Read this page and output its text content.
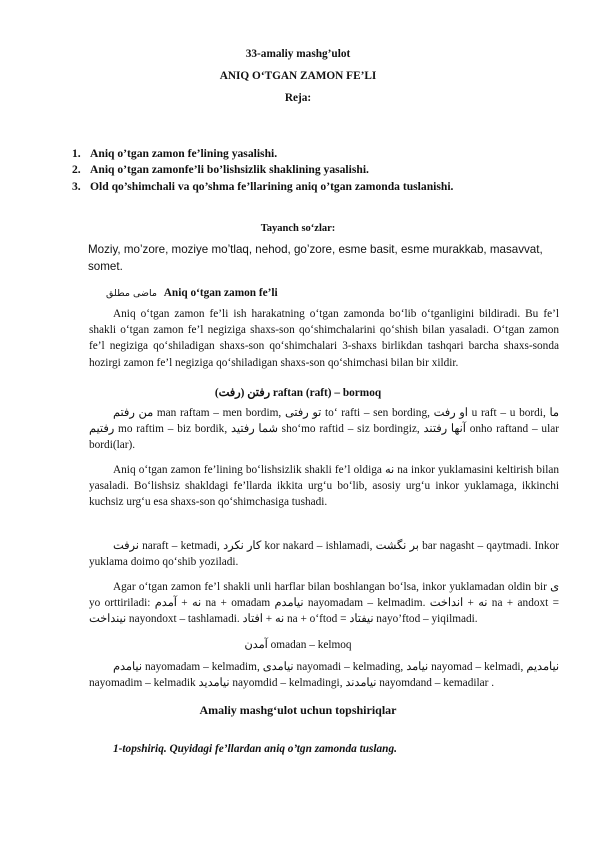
33-amaliy mashg’ulot
ANIQ O‘TGAN ZAMON FE’LI
Reja:
1. Aniq o’tgan zamon fe’lining yasalishi.
2. Aniq o’tgan zamonfe’li bo’lishsizlik shaklining yasalishi.
3. Old qo’shimchali va qo’shma fe’llarining aniq o’tgan zamonda tuslanishi.
Tayanch so‘zlar:
Moziy, mo’zore, moziye mo’tlaq, nehod, go’zore, esme basit, esme murakkab, masavvat, somet.
ماضی مطلق Aniq o‘tgan zamon fe’li
Aniq o‘tgan zamon fe’li ish harakatning o‘tgan zamonda bo‘lib o‘tganligini bildiradi. Bu fe’l shakli o‘tgan zamon fe’l negiziga shaxs-son qo‘shimchalarini qo‘shish bilan yasaladi. O‘tgan zamon fe’l negiziga qo‘shiladigan shaxs-son qo‘shimchalari 3-shaxs birlikdan tashqari barcha shaxs-sonda hozirgi zamon fe’l negiziga qo‘shiladigan shaxs-son qo‘shimchasi bilan bir xildir.
(رفت) رفتن raftan (raft) – bormoq
من رفتم man raftam – men bordim, تو رفتی to‘ rafti – sen bording, او رفت u raft – u bordi, ما رفتیم mo raftim – biz bordik, شما رفتید sho‘mo raftid – siz bordingiz, آنها رفتند onho raftand – ular bordi(lar).
Aniq o‘tgan zamon fe’lining bo‘lishsizlik shakli fe’l oldiga نه na inkor yuklamasini keltirish bilan yasaladi. Bo‘lishsiz shakldagi fe’llarda ikkita urg‘u bo‘lib, asosiy urg‘u inkor yuklamaga, ikkinchi kuchsiz urg‘u esa shaxs-son qo‘shimchasiga tushadi.
نرفت naraft – ketmadi, کار نکرد kor nakard – ishlamadi, بر نگشت bar nagasht – qaytmadi. Inkor yuklama doimo qo‘shib yoziladi.
Agar o‘tgan zamon fe’l shakli unli harflar bilan boshlangan bo‘lsa, inkor yuklamadan oldin bir ی yo orttiriladi: نه + آمدم na + omadam نیامدم nayomadam – kelmadim. نه + انداخت na + andoxt = نینداخت nayondoxt – tashlamadi. نه + افتاد na + o‘ftod = نیفتاد nayo’ftod – yiqilmadi.
آمدن omadan – kelmoq
نیامدم nayomadam – kelmadim, نیامدی nayomadi – kelmading, نیامد nayomad – kelmadi, نیامدیم nayomadim – kelmadik نیامدید nayomdid – kelmadingi, نیامدند nayomdand – kemadilar .
Amaliy mashg‘ulot uchun topshiriqlar
1-topshiriq. Quyidagi fe’llardan aniq o’tgn zamonda tuslang.
